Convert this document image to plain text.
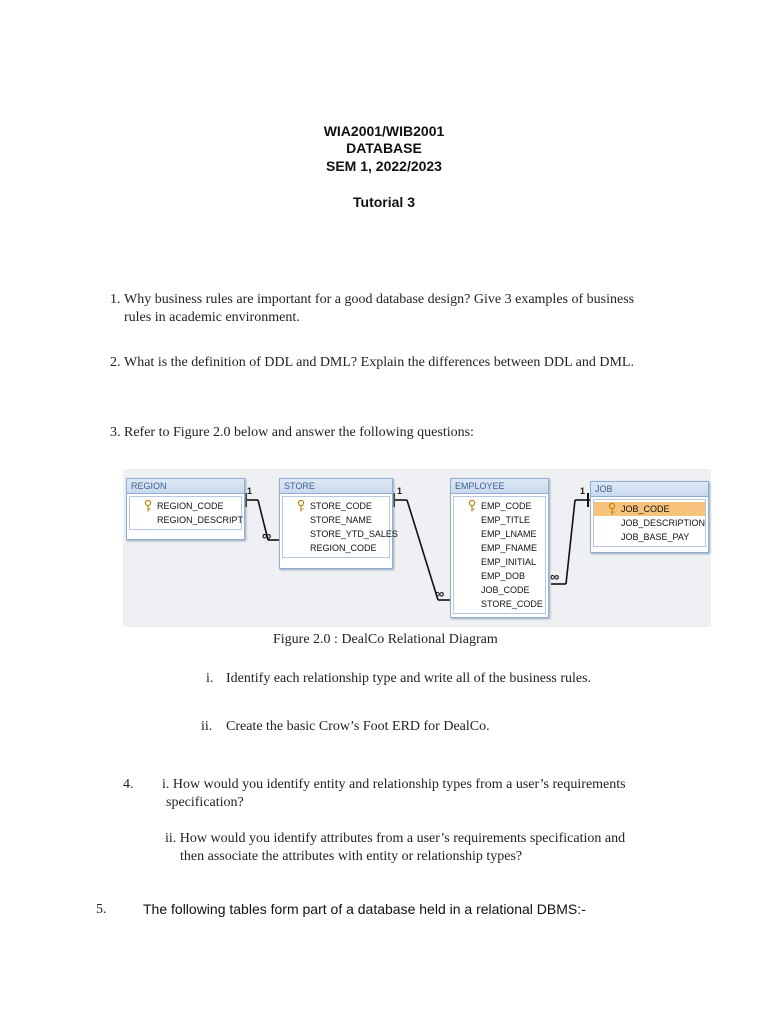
WIA2001/WIB2001
DATABASE
SEM 1, 2022/2023
Tutorial 3
1. Why business rules are important for a good database design? Give 3 examples of business
rules in academic environment.
2. What is the definition of DDL and DML? Explain the differences between DDL and DML.
3. Refer to Figure 2.0 below and answer the following questions:
1
∞
1
∞
1
∞
REGION
REGION_CODE
REGION_DESCRIPT
STORE
STORE_CODE
STORE_NAME
STORE_YTD_SALES
REGION_CODE
EMPLOYEE
EMP_CODE
EMP_TITLE
EMP_LNAME
EMP_FNAME
EMP_INITIAL
EMP_DOB
JOB_CODE
STORE_CODE
JOB
JOB_CODE
JOB_DESCRIPTION
JOB_BASE_PAY
Figure 2.0 : DealCo Relational Diagram
i. Identify each relationship type and write all of the business rules.
ii. Create the basic Crow’s Foot ERD for DealCo.
4. i. How would you identify entity and relationship types from a user’s requirements
specification?
ii. How would you identify attributes from a user’s requirements specification and
then associate the attributes with entity or relationship types?
5.	The following tables form part of a database held in a relational DBMS:-
